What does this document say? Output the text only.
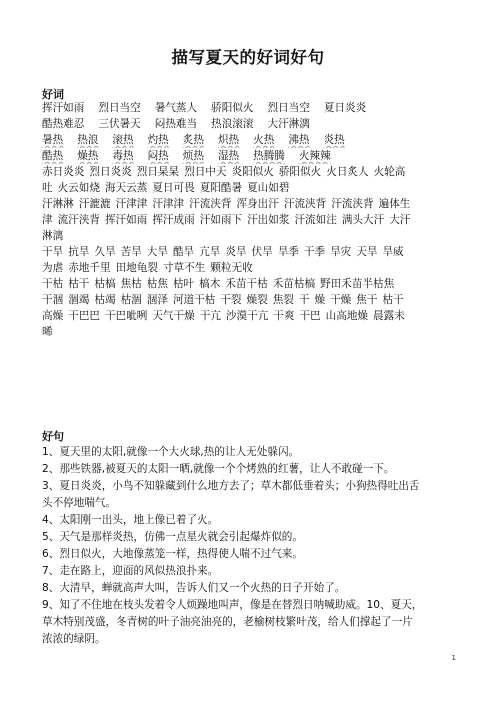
描写夏天的好词好句
好词
挥汗如雨 烈日当空 暑气蒸人 骄阳似火 烈日当空 夏日炎炎
酷热难忍 三伏暑天 闷热难当 热浪滚滚 大汗淋漓
暑热 热浪 滚热 灼热 炙热 炽热 火热 沸热 炎热
酷热 燥热 毒热 闷热 烦热 湿热 热腾腾 火辣辣
赤日炎炎 烈日炎炎 烈日杲杲 烈日中天 炎阳似火 骄阳似火 火日炙人 火轮高
吐 火云如烧 海天云蒸 夏日可畏 夏阳酷暑 夏山如碧
汗淋淋 汗漉漉 汗津津 汗津津 汗流浃背 浑身出汗 汗流浃背 汗流浃背 遍体生
津 流汗浃背 挥汗如雨 挥汗成雨 汗如雨下 汗出如浆 汗流如注 满头大汗 大汗
淋漓
干旱 抗旱 久旱 苦旱 大旱 酷旱 亢旱 炎旱 伏旱 旱季 干季 旱灾 天旱 旱威
为虐 赤地千里 田地龟裂 寸草不生 颗粒无收
干枯 枯干 枯槁 焦枯 枯焦 枯叶 槁木 禾苗干枯 禾苗枯槁 野田禾苗半枯焦
干涸 涸竭 枯竭 枯涸 涸泽 河道干枯 干裂 燥裂 焦裂 干 燥 干燥 焦干 枯干
高燥 干巴巴 干巴呲咧 天气干燥 干亢 沙漠干亢 干爽 干巴 山高地燥 晨露未
晞
好句
1、夏天里的太阳,就像一个大火球,热的让人无处躲闪。
2、那些铁器,被夏天的太阳一晒,就像一个个烤熟的红薯，让人不敢碰一下。
3、夏日炎炎，小鸟不知躲藏到什么地方去了；草木都低垂着头；小狗热得吐出舌
头不停地喘气。
4、太阳刚一出头，地上像已着了火。
5、天气是那样炎热，仿佛一点星火就会引起爆炸似的。
6、烈日似火，大地像蒸笼一样，热得使人喘不过气来。
7、走在路上，迎面的风似热浪扑来。
8、大清早，蝉就高声大叫，告诉人们又一个火热的日子开始了。
9、知了不住地在枝头发着令人烦躁地叫声，像是在替烈日呐喊助威。10、夏天，
草木特别茂盛，冬青树的叶子油亮油亮的，老榆树枝繁叶茂，给人们撑起了一片
浓浓的绿阴。
1
